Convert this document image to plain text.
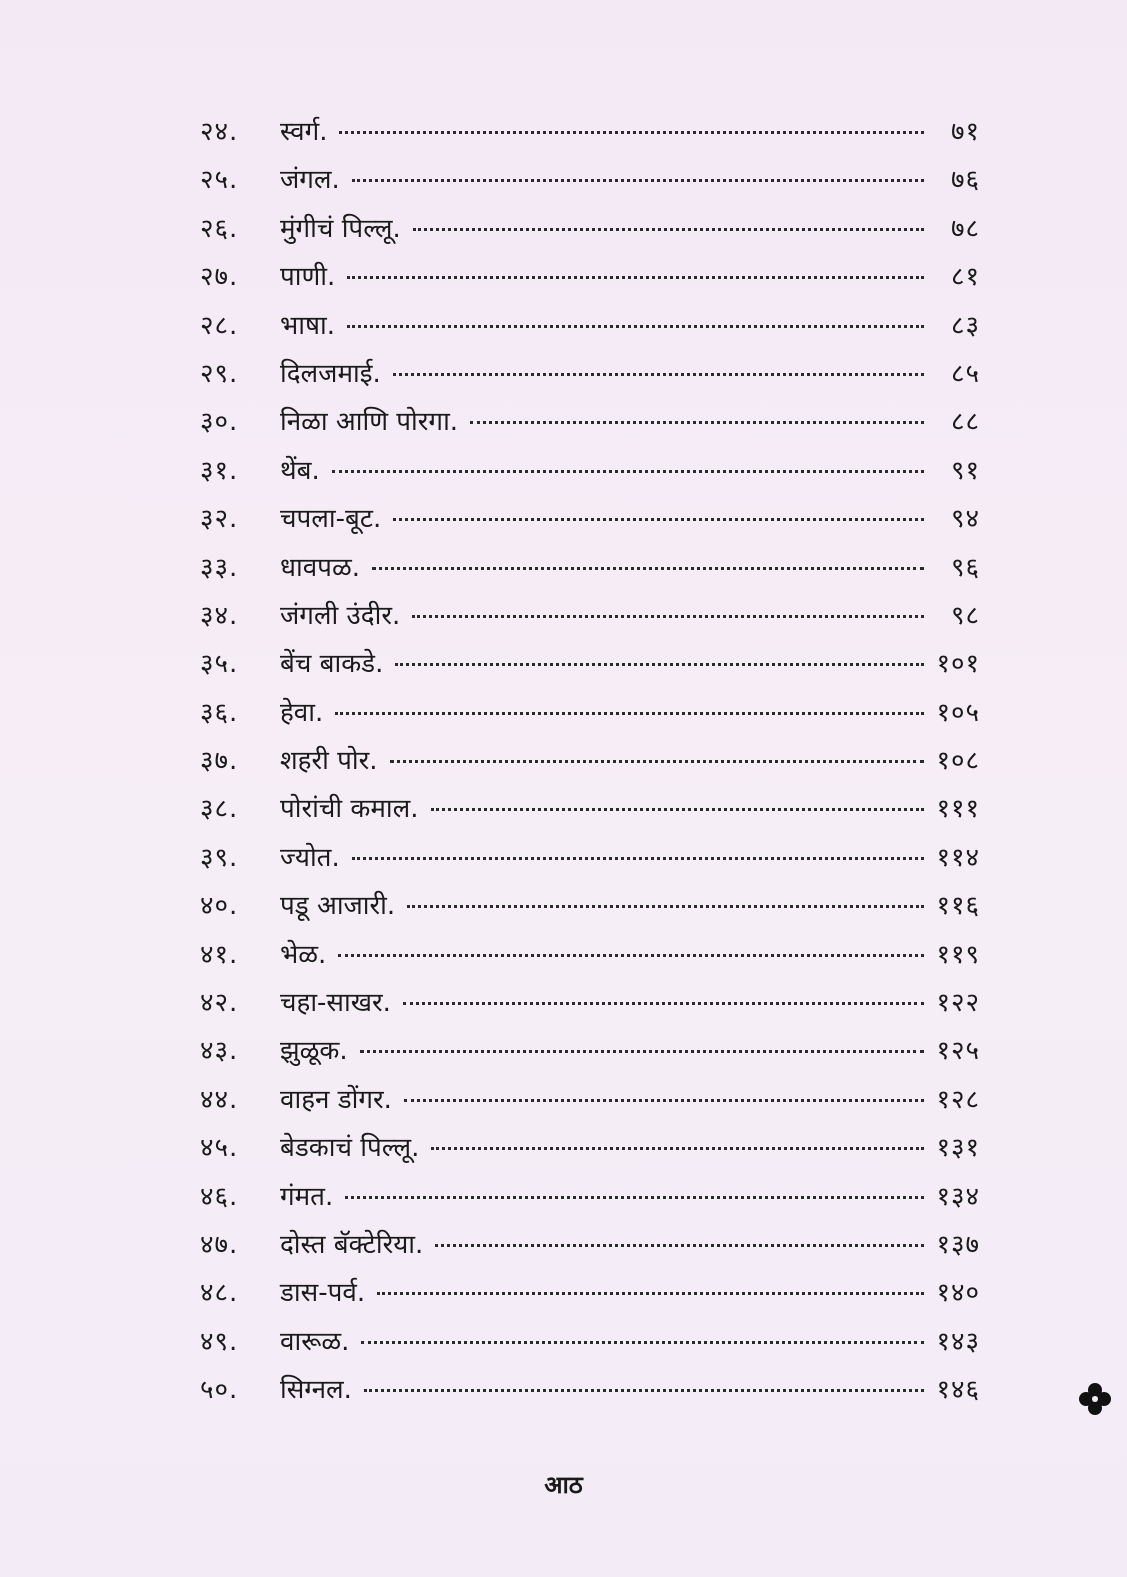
२४.	स्वर्ग.	७१
२५.	जंगल.	७६
२६.	मुंगीचं पिल्लू.	७८
२७.	पाणी.	८१
२८.	भाषा.	८३
२९.	दिलजमाई.	८५
३०.	निळा आणि पोरगा.	८८
३१.	थेंब.	९१
३२.	चपला-बूट.	९४
३३.	धावपळ.	९६
३४.	जंगली उंदीर.	९८
३५.	बेंच बाकडे.	१०१
३६.	हेवा.	१०५
३७.	शहरी पोर.	१०८
३८.	पोरांची कमाल.	१११
३९.	ज्योत.	११४
४०.	पडू आजारी.	११६
४१.	भेळ.	११९
४२.	चहा-साखर.	१२२
४३.	झुळूक.	१२५
४४.	वाहन डोंगर.	१२८
४५.	बेडकाचं पिल्लू.	१३१
४६.	गंमत.	१३४
४७.	दोस्त बॅक्टेरिया.	१३७
४८.	डास-पर्व.	१४०
४९.	वारूळ.	१४३
५०.	सिग्नल.	१४६
आठ
